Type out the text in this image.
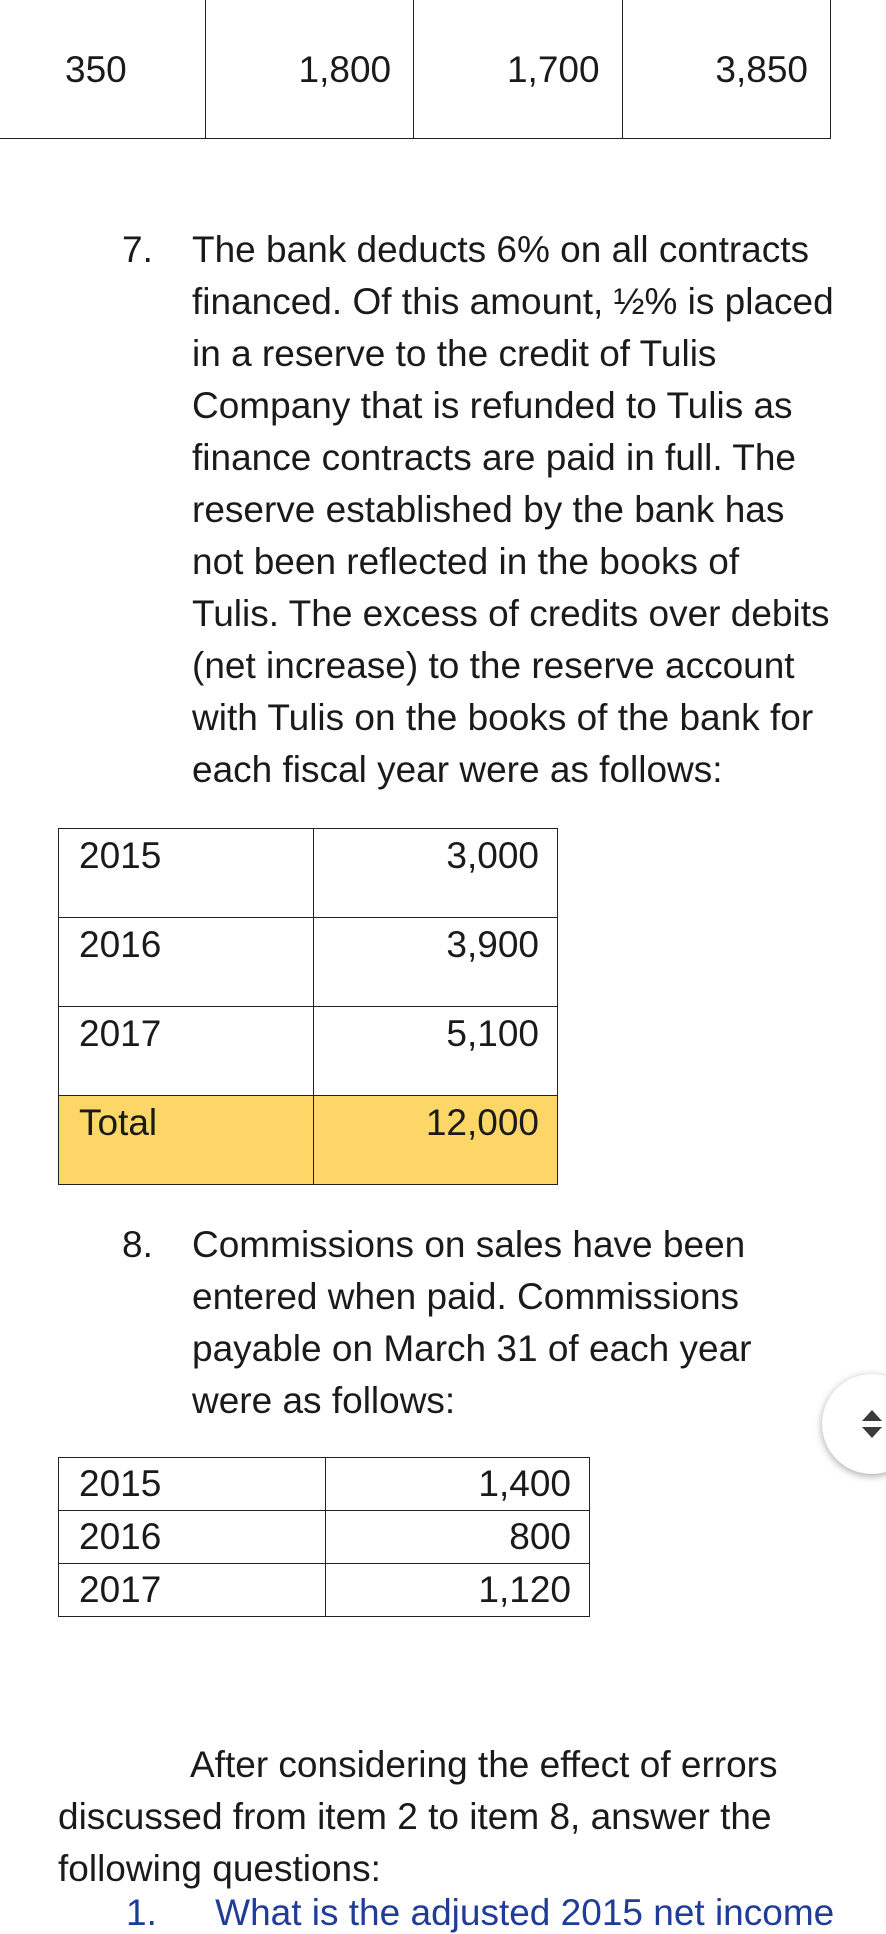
350	1,800	1,700	3,850
7.	The bank deducts 6% on all contracts
financed. Of this amount, ½% is placed
in a reserve to the credit of Tulis
Company that is refunded to Tulis as
finance contracts are paid in full. The
reserve established by the bank has
not been reflected in the books of
Tulis. The excess of credits over debits
(net increase) to the reserve account
with Tulis on the books of the bank for
each fiscal year were as follows:
2015	3,000
2016	3,900
2017	5,100
Total	12,000
8.	Commissions on sales have been
entered when paid. Commissions
payable on March 31 of each year
were as follows:
2015	1,400
2016	800
2017	1,120

After considering the effect of errors discussed from item 2 to item 8, answer the following questions:

1. What is the adjusted 2015 net income
